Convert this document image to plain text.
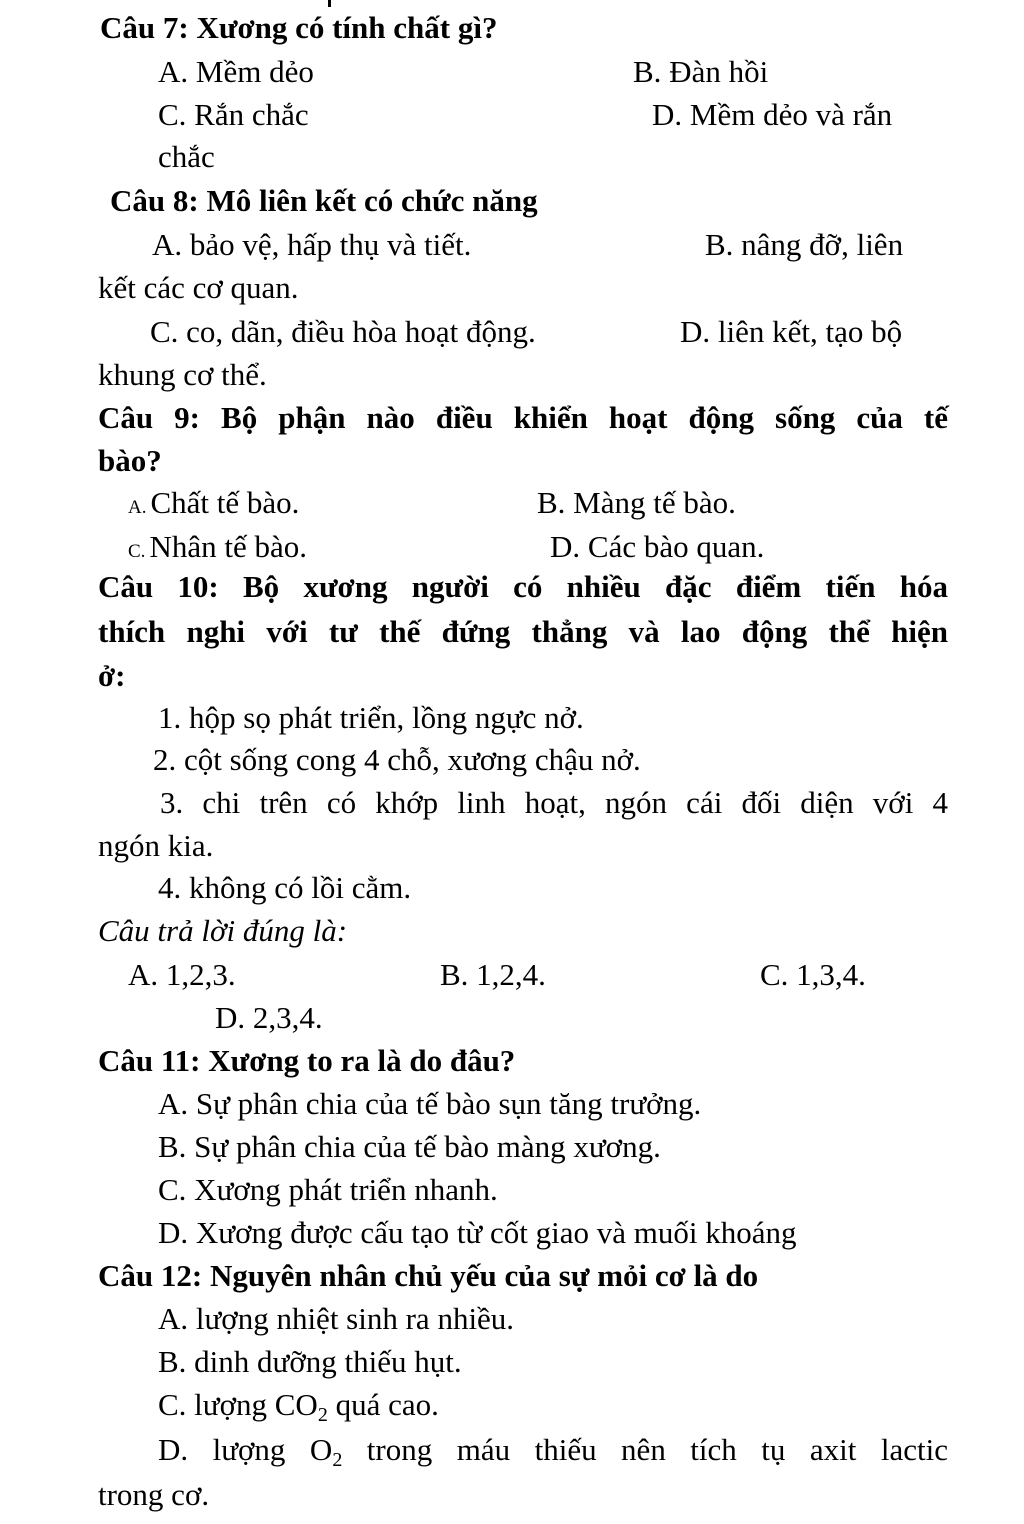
Câu 7: Xương có tính chất gì?
A. Mềm dẻo	B. Đàn hồi
C. Rắn chắc	D. Mềm dẻo và rắn
chắc
Câu 8: Mô liên kết có chức năng
A. bảo vệ, hấp thụ và tiết.	B. nâng đỡ, liên
kết các cơ quan.
C. co, dãn, điều hòa hoạt động.	D. liên kết, tạo bộ
khung cơ thể.
Câu 9: Bộ phận nào điều khiển hoạt động sống của tế
bào?
A. Chất tế bào.	B. Màng tế bào.
C. Nhân tế bào.	D. Các bào quan.
Câu 10: Bộ xương người có nhiều đặc điểm tiến hóa
thích nghi với tư thế đứng thẳng và lao động thể hiện
ở:
1. hộp sọ phát triển, lồng ngực nở.
2. cột sống cong 4 chỗ, xương chậu nở.
3. chi trên có khớp linh hoạt, ngón cái đối diện với 4
ngón kia.
4. không có lồi cằm.
Câu trả lời đúng là:
A. 1,2,3.	B. 1,2,4.	C. 1,3,4.
D. 2,3,4.
Câu 11: Xương to ra là do đâu?
A. Sự phân chia của tế bào sụn tăng trưởng.
B. Sự phân chia của tế bào màng xương.
C. Xương phát triển nhanh.
D. Xương được cấu tạo từ cốt giao và muối khoáng
Câu 12: Nguyên nhân chủ yếu của sự mỏi cơ là do
A. lượng nhiệt sinh ra nhiều.
B. dinh dưỡng thiếu hụt.
C. lượng $CO_2$ quá cao.
D. lượng $O_2$ trong máu thiếu nên tích tụ axit lactic
trong cơ.
